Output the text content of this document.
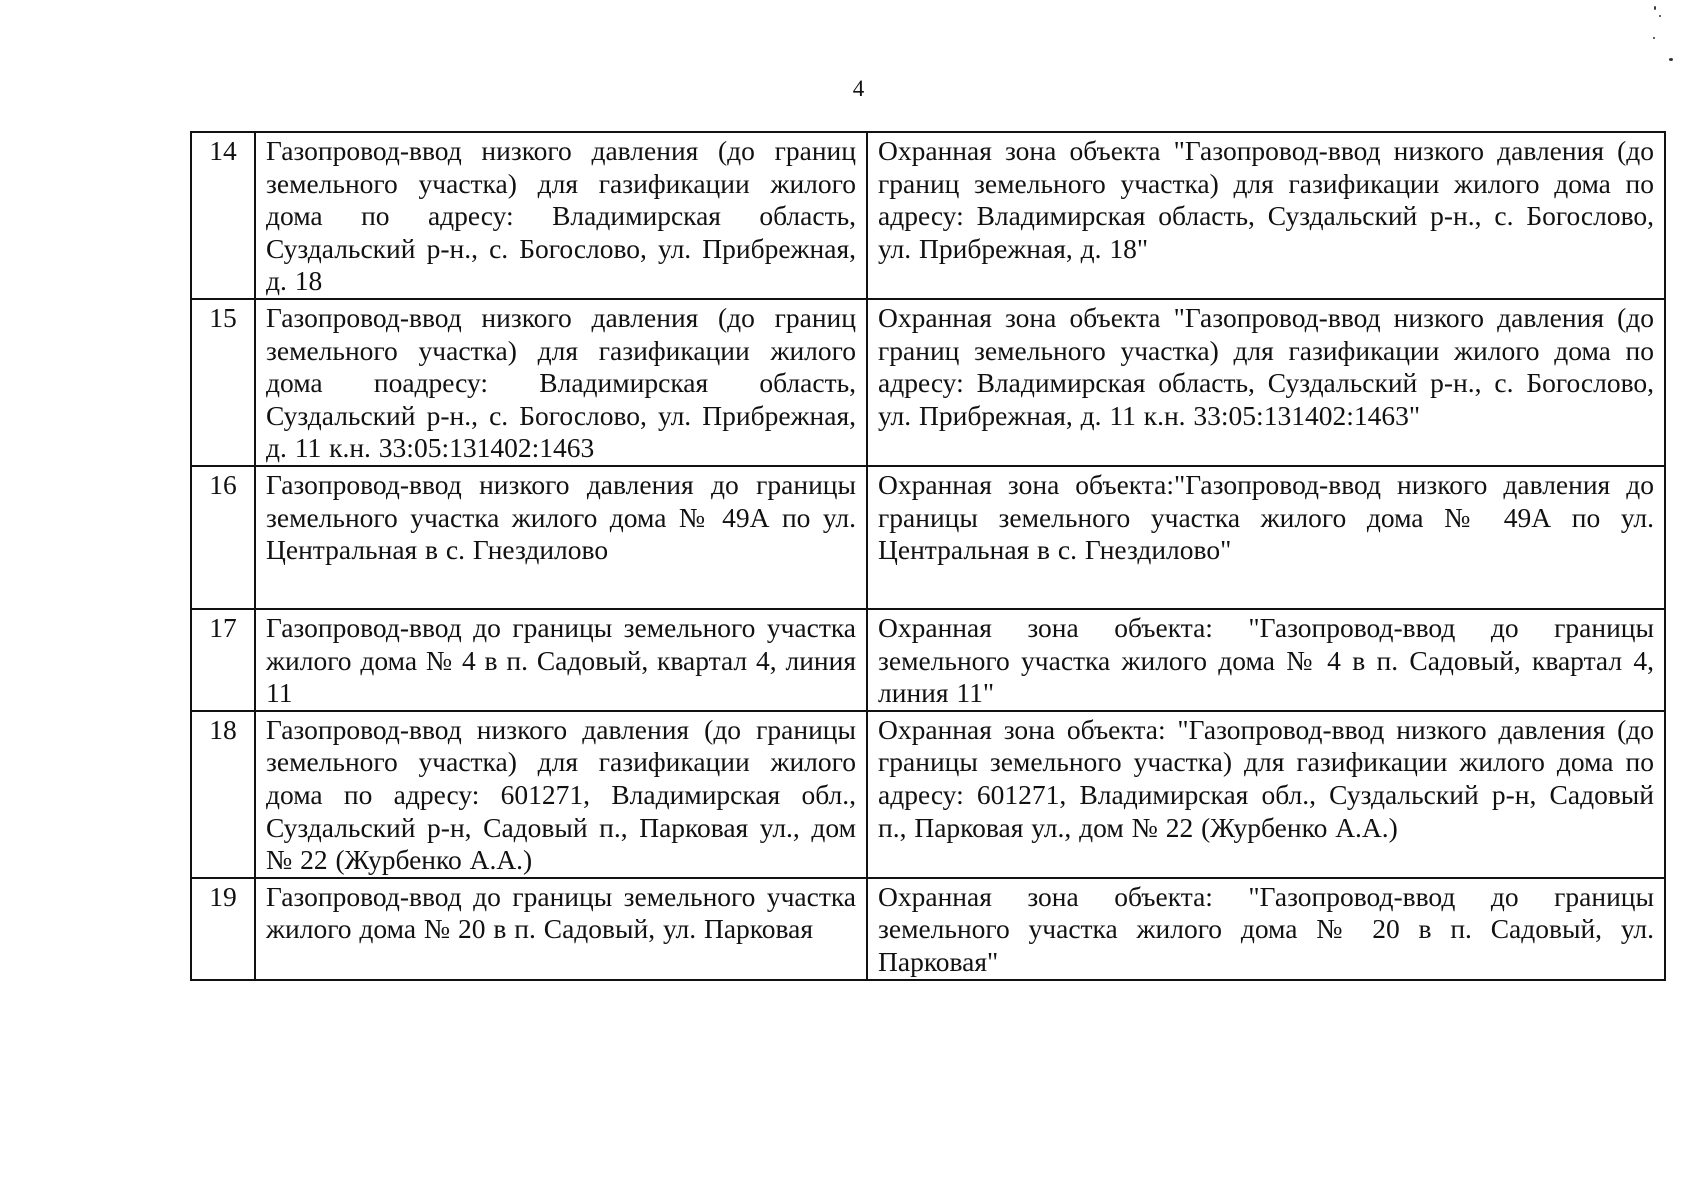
4
14	Газопровод-ввод низкого давления (до границ земельного участка) для газификации жилого дома по адресу: Владимирская область, Суздальский р-н., с. Богослово, ул. Прибрежная, д. 18	Охранная зона объекта "Газопровод-ввод низкого давления (до границ земельного участка) для газификации жилого дома по адресу: Владимирская область, Суздальский р-н., с. Богослово, ул. Прибрежная, д. 18"
15	Газопровод-ввод низкого давления (до границ земельного участка) для газификации жилого дома поадресу: Владимирская область, Суздальский р-н., с. Богослово, ул. Прибрежная, д. 11 к.н. 33:05:131402:1463	Охранная зона объекта "Газопровод-ввод низкого давления (до границ земельного участка) для газификации жилого дома по адресу: Владимирская область, Суздальский р-н., с. Богослово, ул. Прибрежная, д. 11 к.н. 33:05:131402:1463"
16	Газопровод-ввод низкого давления до границы земельного участка жилого дома № 49А по ул. Центральная в с. Гнездилово	Охранная зона объекта:"Газопровод-ввод низкого давления до границы земельного участка жилого дома № 49А по ул. Центральная в с. Гнездилово"
17	Газопровод-ввод до границы земельного участка жилого дома № 4 в п. Садовый, квартал 4, линия 11	Охранная зона объекта: "Газопровод-ввод до границы земельного участка жилого дома № 4 в п. Садовый, квартал 4, линия 11"
18	Газопровод-ввод низкого давления (до границы земельного участка) для газификации жилого дома по адресу: 601271, Владимирская обл., Суздальский р-н, Садовый п., Парковая ул., дом № 22 (Журбенко А.А.)	Охранная зона объекта: "Газопровод-ввод низкого давления (до границы земельного участка) для газификации жилого дома по адресу: 601271, Владимирская обл., Суздальский р-н, Садовый п., Парковая ул., дом № 22 (Журбенко А.А.)
19	Газопровод-ввод до границы земельного участка жилого дома № 20 в п. Садовый, ул. Парковая	Охранная зона объекта: "Газопровод-ввод до границы земельного участка жилого дома № 20 в п. Садовый, ул. Парковая"
